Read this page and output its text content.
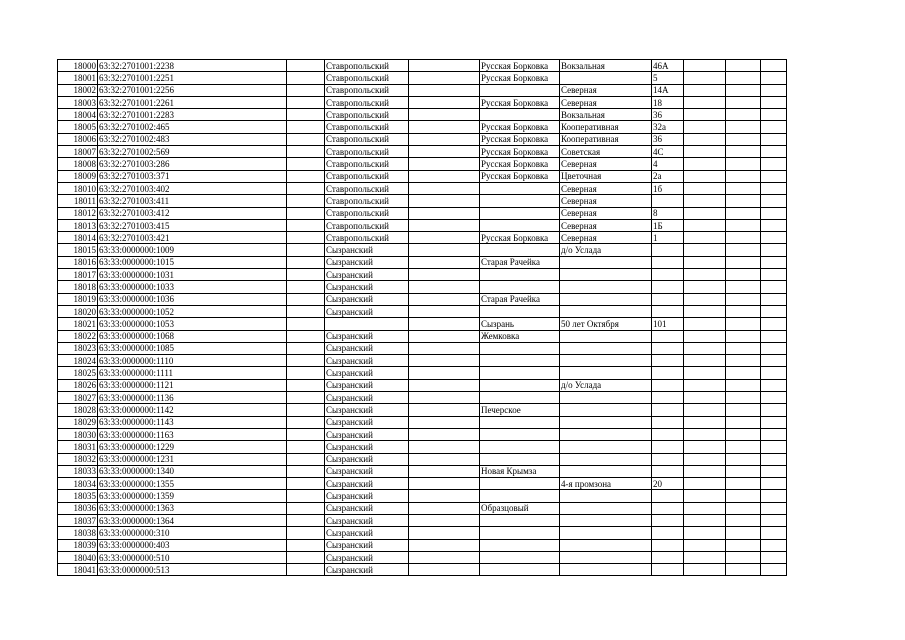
18000	63:32:2701001:2238		Ставропольский		Русская Борковка	Вокзальная	46А			
18001	63:32:2701001:2251		Ставропольский		Русская Борковка		5			
18002	63:32:2701001:2256		Ставропольский			Северная	14А			
18003	63:32:2701001:2261		Ставропольский		Русская Борковка	Северная	18			
18004	63:32:2701001:2283		Ставропольский			Вокзальная	36			
18005	63:32:2701002:465		Ставропольский		Русская Борковка	Кооперативная	32а			
18006	63:32:2701002:483		Ставропольский		Русская Борковка	Кооперативная	36			
18007	63:32:2701002:569		Ставропольский		Русская Борковка	Советская	4С			
18008	63:32:2701003:286		Ставропольский		Русская Борковка	Северная	4			
18009	63:32:2701003:371		Ставропольский		Русская Борковка	Цветочная	2а			
18010	63:32:2701003:402		Ставропольский			Северная	1б			
18011	63:32:2701003:411		Ставропольский			Северная				
18012	63:32:2701003:412		Ставропольский			Северная	8			
18013	63:32:2701003:415		Ставропольский			Северная	1Б			
18014	63:32:2701003:421		Ставропольский		Русская Борковка	Северная	1			
18015	63:33:0000000:1009		Сызранский			д/о Услада				
18016	63:33:0000000:1015		Сызранский		Старая Рачейка					
18017	63:33:0000000:1031		Сызранский							
18018	63:33:0000000:1033		Сызранский							
18019	63:33:0000000:1036		Сызранский		Старая Рачейка					
18020	63:33:0000000:1052		Сызранский							
18021	63:33:0000000:1053				Сызрань	50 лет Октября	101			
18022	63:33:0000000:1068		Сызранский		Жемковка					
18023	63:33:0000000:1085		Сызранский							
18024	63:33:0000000:1110		Сызранский							
18025	63:33:0000000:1111		Сызранский							
18026	63:33:0000000:1121		Сызранский			д/о Услада				
18027	63:33:0000000:1136		Сызранский							
18028	63:33:0000000:1142		Сызранский		Печерское					
18029	63:33:0000000:1143		Сызранский							
18030	63:33:0000000:1163		Сызранский							
18031	63:33:0000000:1229		Сызранский							
18032	63:33:0000000:1231		Сызранский							
18033	63:33:0000000:1340		Сызранский		Новая Крымза					
18034	63:33:0000000:1355		Сызранский			4-я промзона	20			
18035	63:33:0000000:1359		Сызранский							
18036	63:33:0000000:1363		Сызранский		Образцовый					
18037	63:33:0000000:1364		Сызранский							
18038	63:33:0000000:310		Сызранский							
18039	63:33:0000000:403		Сызранский							
18040	63:33:0000000:510		Сызранский							
18041	63:33:0000000:513		Сызранский							
